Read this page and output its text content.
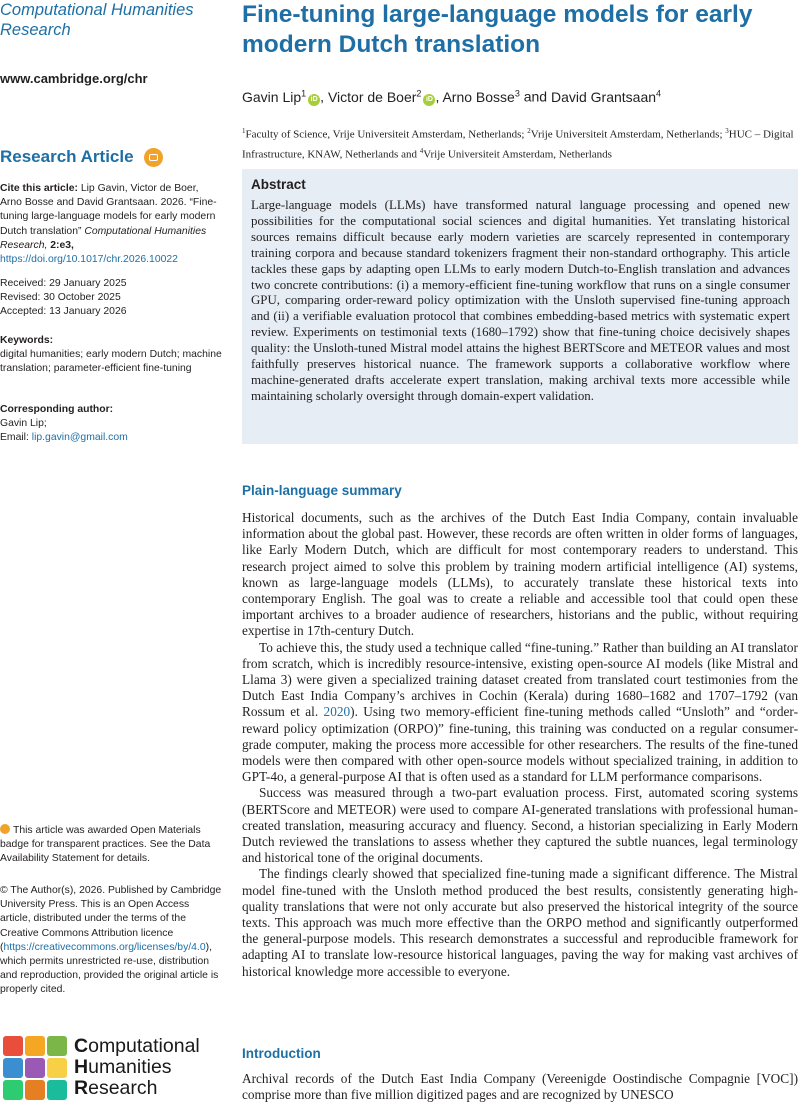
Computational Humanities Research
www.cambridge.org/chr
Research Article
Cite this article: Lip Gavin, Victor de Boer, Arno Bosse and David Grantsaan. 2026. “Fine-tuning large-language models for early modern Dutch translation” Computational Humanities Research, 2:e3, https://doi.org/10.1017/chr.2026.10022
Received: 29 January 2025
Revised: 30 October 2025
Accepted: 13 January 2026
Keywords:
digital humanities; early modern Dutch; machine translation; parameter-efficient fine-tuning
Corresponding author:
Gavin Lip;
Email: lip.gavin@gmail.com
This article was awarded Open Materials badge for transparent practices. See the Data Availability Statement for details.
© The Author(s), 2026. Published by Cambridge University Press. This is an Open Access article, distributed under the terms of the Creative Commons Attribution licence (https://creativecommons.org/licenses/by/4.0), which permits unrestricted re-use, distribution and reproduction, provided the original article is properly cited.
Computational
Humanities
Research
Fine-tuning large-language models for early modern Dutch translation
Gavin Lip$^1$iD , Victor de Boer$^2$iD , Arno Bosse$^3$ and David Grantsaan$^4$
$^1$Faculty of Science, Vrije Universiteit Amsterdam, Netherlands; $^2$Vrije Universiteit Amsterdam, Netherlands; $^3$HUC – Digital Infrastructure, KNAW, Netherlands and $^4$Vrije Universiteit Amsterdam, Netherlands
Abstract

Large-language models (LLMs) have transformed natural language processing and opened new possibilities for the computational social sciences and digital humanities. Yet translating historical sources remains difficult because early modern varieties are scarcely represented in contemporary training corpora and because standard tokenizers fragment their non-standard orthography. This article tackles these gaps by adapting open LLMs to early modern Dutch-to-English translation and advances two concrete contributions: (i) a memory-efficient fine-tuning workflow that runs on a single consumer GPU, comparing order-reward policy optimization with the Unsloth supervised fine-tuning approach and (ii) a verifiable evaluation protocol that combines embedding-based metrics with systematic expert review. Experiments on testimonial texts (1680–1792) show that fine-tuning choice decisively shapes quality: the Unsloth-tuned Mistral model attains the highest BERTScore and METEOR values and most faithfully preserves historical nuance. The framework supports a collaborative workflow where machine-generated drafts accelerate expert translation, making archival texts more accessible while maintaining scholarly oversight through domain-expert validation.

Plain-language summary

Historical documents, such as the archives of the Dutch East India Company, contain invaluable information about the global past. However, these records are often written in older forms of languages, like Early Modern Dutch, which are difficult for most contemporary readers to understand. This research project aimed to solve this problem by training modern artificial intelligence (AI) systems, known as large-language models (LLMs), to accurately translate these historical texts into contemporary English. The goal was to create a reliable and accessible tool that could open these important archives to a broader audience of researchers, historians and the public, without requiring expertise in 17th-century Dutch.

To achieve this, the study used a technique called “fine-tuning.” Rather than building an AI translator from scratch, which is incredibly resource-intensive, existing open-source AI models (like Mistral and Llama 3) were given a specialized training dataset created from translated court testimonies from the Dutch East India Company’s archives in Cochin (Kerala) during 1680–1682 and 1707–1792 (van Rossum et al. 2020). Using two memory-efficient fine-tuning methods called “Unsloth” and “order-reward policy optimization (ORPO)” fine-tuning, this training was conducted on a regular consumer-grade computer, making the process more accessible for other researchers. The results of the fine-tuned models were then compared with other open-source models without specialized training, in addition to GPT-4o, a general-purpose AI that is often used as a standard for LLM performance comparisons.

Success was measured through a two-part evaluation process. First, automated scoring systems (BERTScore and METEOR) were used to compare AI-generated translations with professional human-created translation, measuring accuracy and fluency. Second, a historian specializing in Early Modern Dutch reviewed the translations to assess whether they captured the subtle nuances, legal terminology and historical tone of the original documents.

The findings clearly showed that specialized fine-tuning made a significant difference. The Mistral model fine-tuned with the Unsloth method produced the best results, consistently generating high-quality translations that were not only accurate but also preserved the historical integrity of the source texts. This approach was much more effective than the ORPO method and significantly outperformed the general-purpose models. This research demonstrates a successful and reproducible framework for adapting AI to translate low-resource historical languages, paving the way for making vast archives of historical knowledge more accessible to everyone.

Introduction

Archival records of the Dutch East India Company (Vereenigde Oostindische Compagnie [VOC]) comprise more than five million digitized pages and are recognized by UNESCO
